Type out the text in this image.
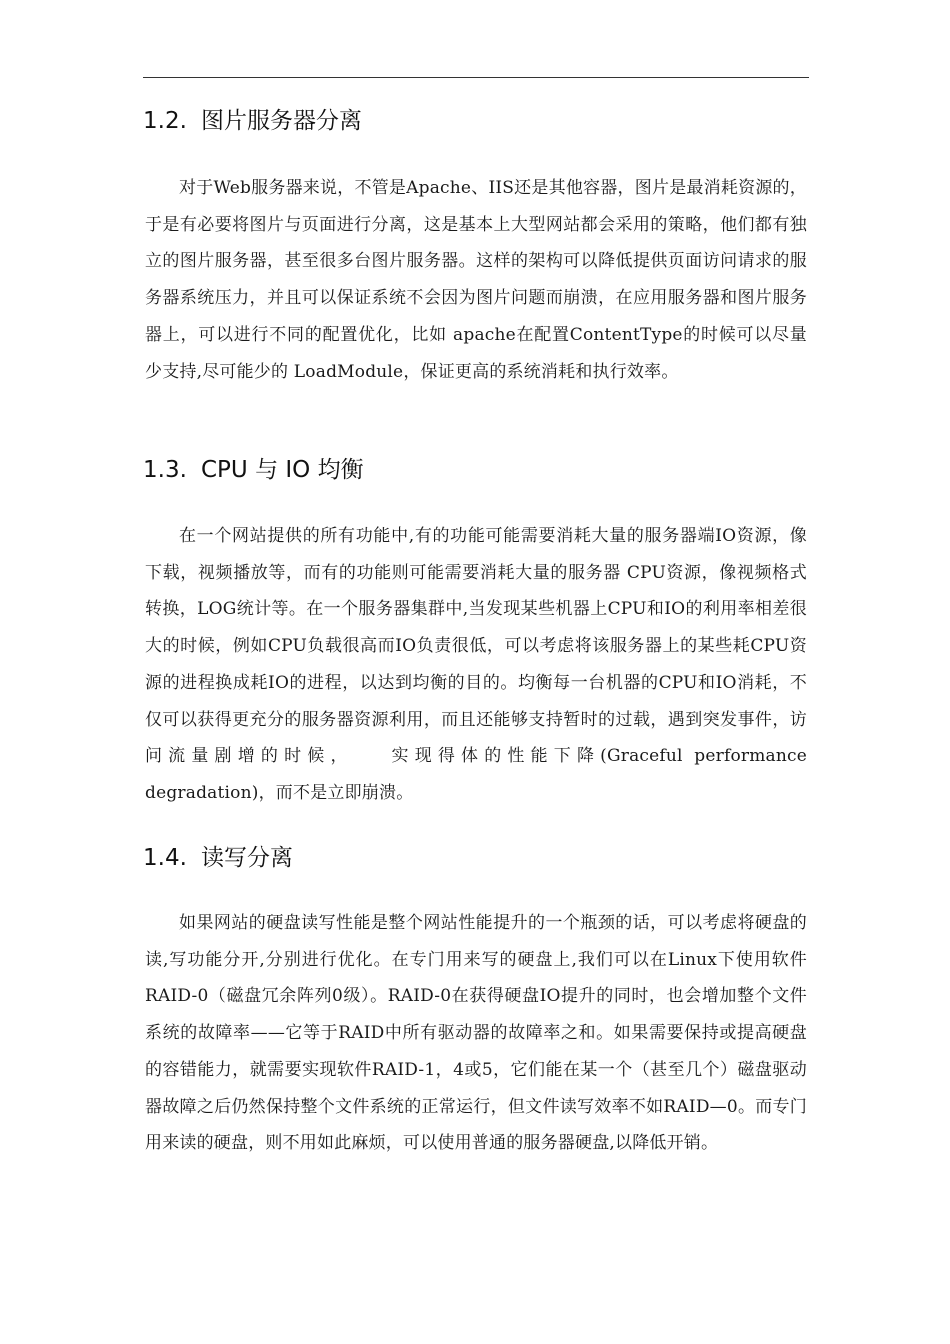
1.2. 图片服务器分离

对于Web服务器来说，不管是Apache、IIS还是其他容器，图片是最消耗资源的，于是有必要将图片与页面进行分离，这是基本上大型网站都会采用的策略，他们都有独立的图片服务器，甚至很多台图片服务器。这样的架构可以降低提供页面访问请求的服务器系统压力，并且可以保证系统不会因为图片问题而崩溃，在应用服务器和图片服务器上，可以进行不同的配置优化，比如 apache在配置ContentType的时候可以尽量少支持,尽可能少的 LoadModule，保证更高的系统消耗和执行效率。

1.3. CPU 与 IO 均衡

在一个网站提供的所有功能中,有的功能可能需要消耗大量的服务器端IO资源，像下载，视频播放等，而有的功能则可能需要消耗大量的服务器 CPU资源，像视频格式转换，LOG统计等。在一个服务器集群中,当发现某些机器上CPU和IO的利用率相差很大的时候，例如CPU负载很高而IO负责很低，可以考虑将该服务器上的某些耗CPU资源的进程换成耗IO的进程，以达到均衡的目的。均衡每一台机器的CPU和IO消耗，不仅可以获得更充分的服务器资源利用，而且还能够支持暂时的过载，遇到突发事件，访问流量剧增的时候，　　实现得体的性能下降(Graceful performance degradation)，而不是立即崩溃。

1.4. 读写分离

如果网站的硬盘读写性能是整个网站性能提升的一个瓶颈的话，可以考虑将硬盘的读,写功能分开,分别进行优化。在专门用来写的硬盘上,我们可以在Linux下使用软件RAID-0（磁盘冗余阵列0级）。RAID-0在获得硬盘IO提升的同时，也会增加整个文件系统的故障率——它等于RAID中所有驱动器的故障率之和。如果需要保持或提高硬盘的容错能力，就需要实现软件RAID-1，4或5，它们能在某一个（甚至几个）磁盘驱动器故障之后仍然保持整个文件系统的正常运行，但文件读写效率不如RAID—0。而专门用来读的硬盘，则不用如此麻烦，可以使用普通的服务器硬盘,以降低开销。
